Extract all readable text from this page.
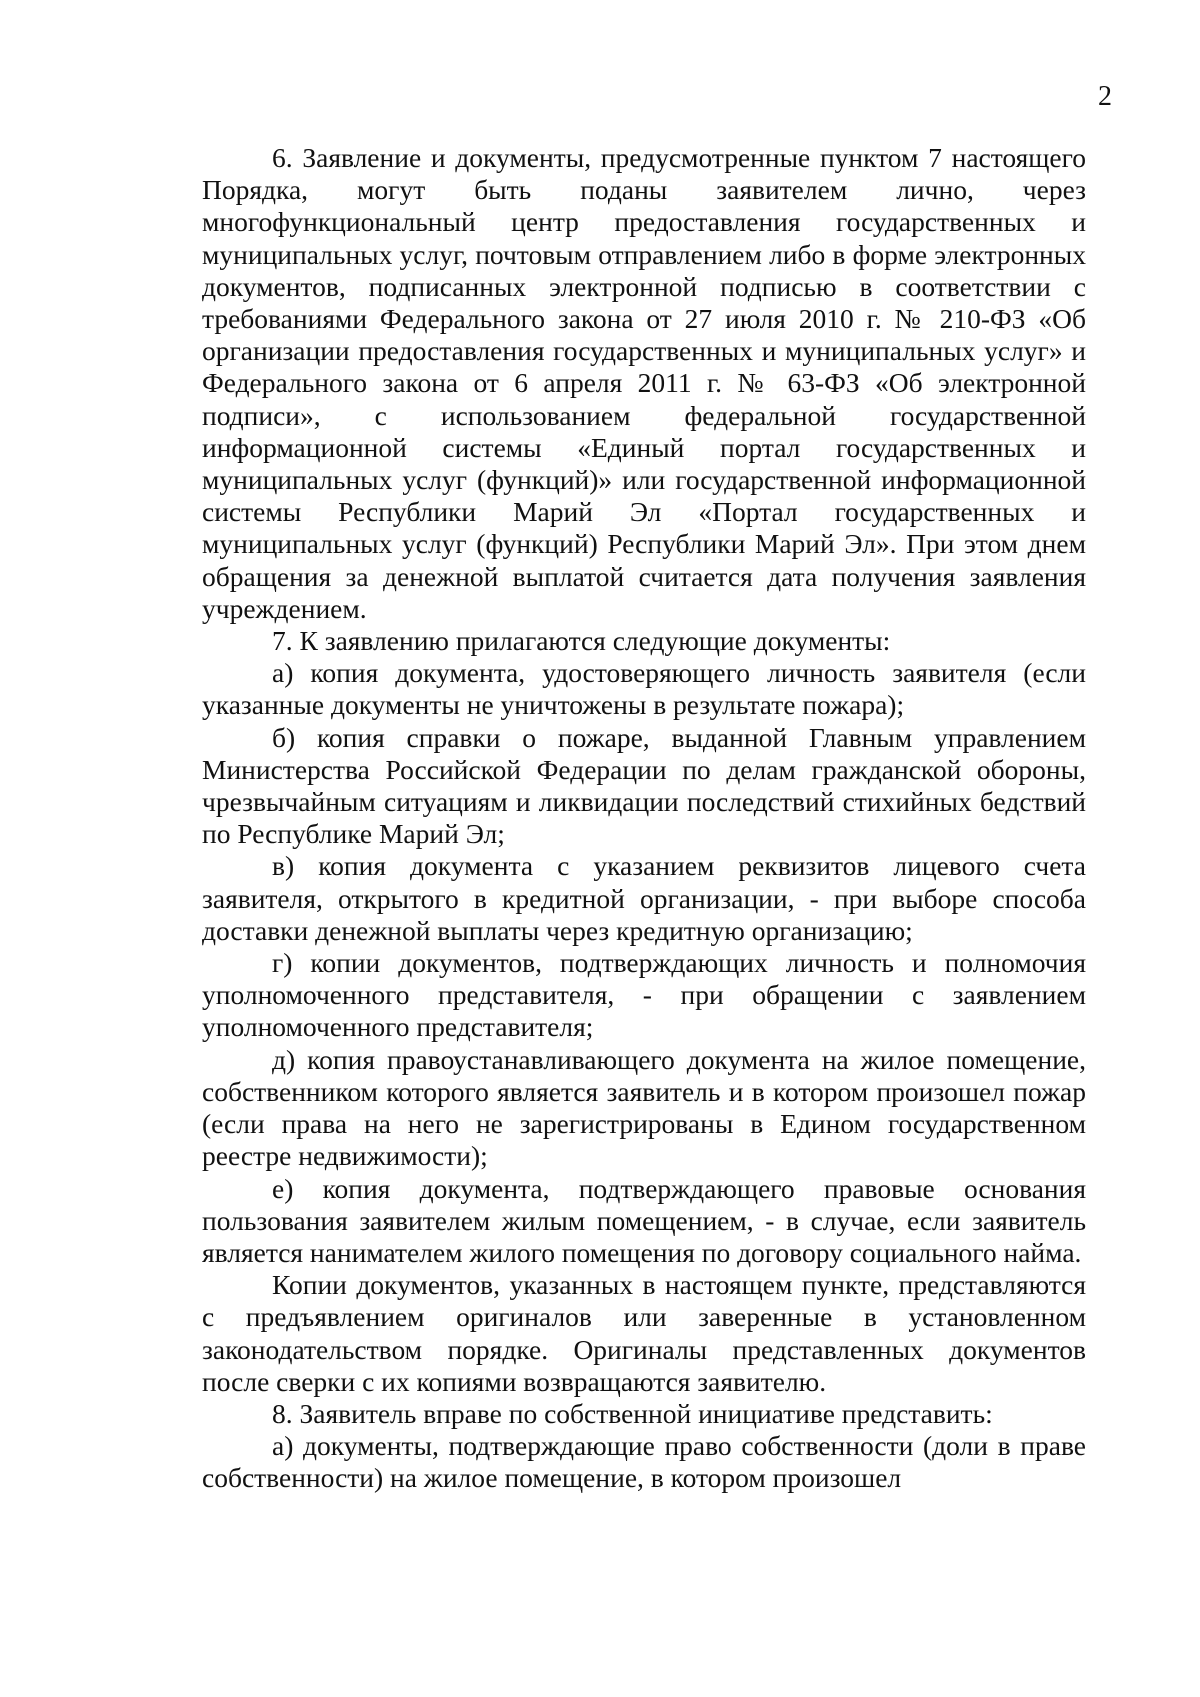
2

6. Заявление и документы, предусмотренные пунктом 7 настоящего Порядка, могут быть поданы заявителем лично, через многофункциональный центр предоставления государственных и муниципальных услуг, почтовым отправлением либо в форме электронных документов, подписанных электронной подписью в соответствии с требованиями Федерального закона от 27 июля 2010 г. № 210-ФЗ «Об организации предоставления государственных и муниципальных услуг» и Федерального закона от 6 апреля 2011 г. № 63-ФЗ «Об электронной подписи», с использованием федеральной государственной информационной системы «Единый портал государственных и муниципальных услуг (функций)» или государственной информационной системы Республики Марий Эл «Портал государственных и муниципальных услуг (функций) Республики Марий Эл». При этом днем обращения за денежной выплатой считается дата получения заявления учреждением.

7. К заявлению прилагаются следующие документы:

а) копия документа, удостоверяющего личность заявителя (если указанные документы не уничтожены в результате пожара);

б) копия справки о пожаре, выданной Главным управлением Министерства Российской Федерации по делам гражданской обороны, чрезвычайным ситуациям и ликвидации последствий стихийных бедствий по Республике Марий Эл;

в) копия документа с указанием реквизитов лицевого счета заявителя, открытого в кредитной организации, - при выборе способа доставки денежной выплаты через кредитную организацию;

г) копии документов, подтверждающих личность и полномочия уполномоченного представителя, - при обращении с заявлением уполномоченного представителя;

д) копия правоустанавливающего документа на жилое помещение, собственником которого является заявитель и в котором произошел пожар (если права на него не зарегистрированы в Едином государственном реестре недвижимости);

е) копия документа, подтверждающего правовые основания пользования заявителем жилым помещением, - в случае, если заявитель является нанимателем жилого помещения по договору социального найма.

Копии документов, указанных в настоящем пункте, представляются с предъявлением оригиналов или заверенные в установленном законодательством порядке. Оригиналы представленных документов после сверки с их копиями возвращаются заявителю.

8. Заявитель вправе по собственной инициативе представить:

а) документы, подтверждающие право собственности (доли в праве собственности) на жилое помещение, в котором произошел
